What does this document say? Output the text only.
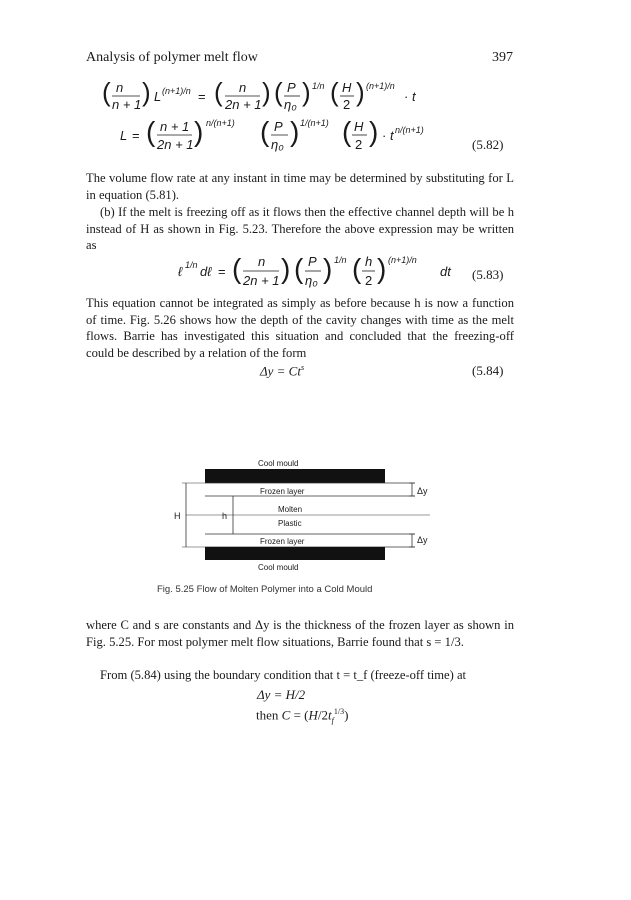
Analysis of polymer melt flow	397
( n
n + 1 ) L (n+1)/n = ( n
2n + 1 ) ( P
η₀ ) 1/n ( H
2 ) (n+1)/n
· t
L = ( n + 1
2n + 1 ) n/(n+1) ( P
η₀ ) 1/(n+1) ( H
2 ) · t n/(n+1)
(5.82)
The volume flow rate at any instant in time may be determined by substituting for L in equation (5.81).
(b) If the melt is freezing off as it flows then the effective channel depth will be h instead of H as shown in Fig. 5.23. Therefore the above expression may be written as
ℓ 1/n dℓ = ( n
2n + 1 ) ( P
η₀ ) 1/n ( h
2 ) (n+1)/n
dt (5.83)
This equation cannot be integrated as simply as before because h is now a function of time. Fig. 5.26 shows how the depth of the cavity changes with time as the melt flows. Barrie has investigated this situation and concluded that the freezing-off could be described by a relation of the form
$\Delta y = Ct^s$	(5.84)
Cool mould
Frozen layer	Δy
H	h
Molten
Plastic
Frozen layer	Δy
Cool mould
Fig. 5.25 Flow of Molten Polymer into a Cold Mould
where C and s are constants and Δy is the thickness of the frozen layer as shown in Fig. 5.25. For most polymer melt flow situations, Barrie found that s = 1/3.
From (5.84) using the boundary condition that t = t_f (freeze-off time) at
Δy = H/2
then $C = (H/2t_f^{1/3})$
